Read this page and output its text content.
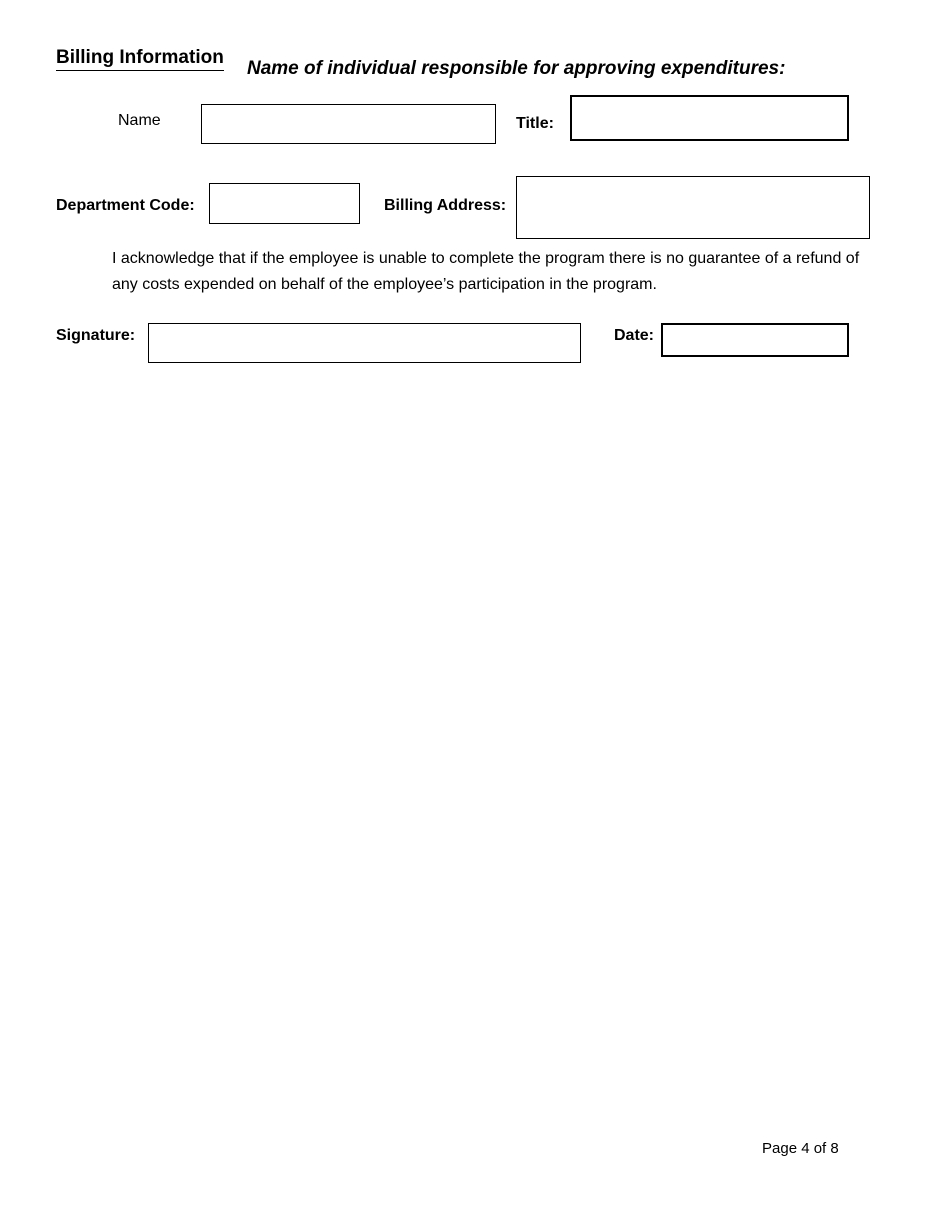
Billing Information
Name of individual responsible for approving expenditures:
Name	Title:
Department Code:	Billing Address:
I acknowledge that if the employee is unable to complete the program there is no guarantee of a refund of any costs expended on behalf of the employee’s participation in the program.
Signature:	Date:
Page 4 of 8
